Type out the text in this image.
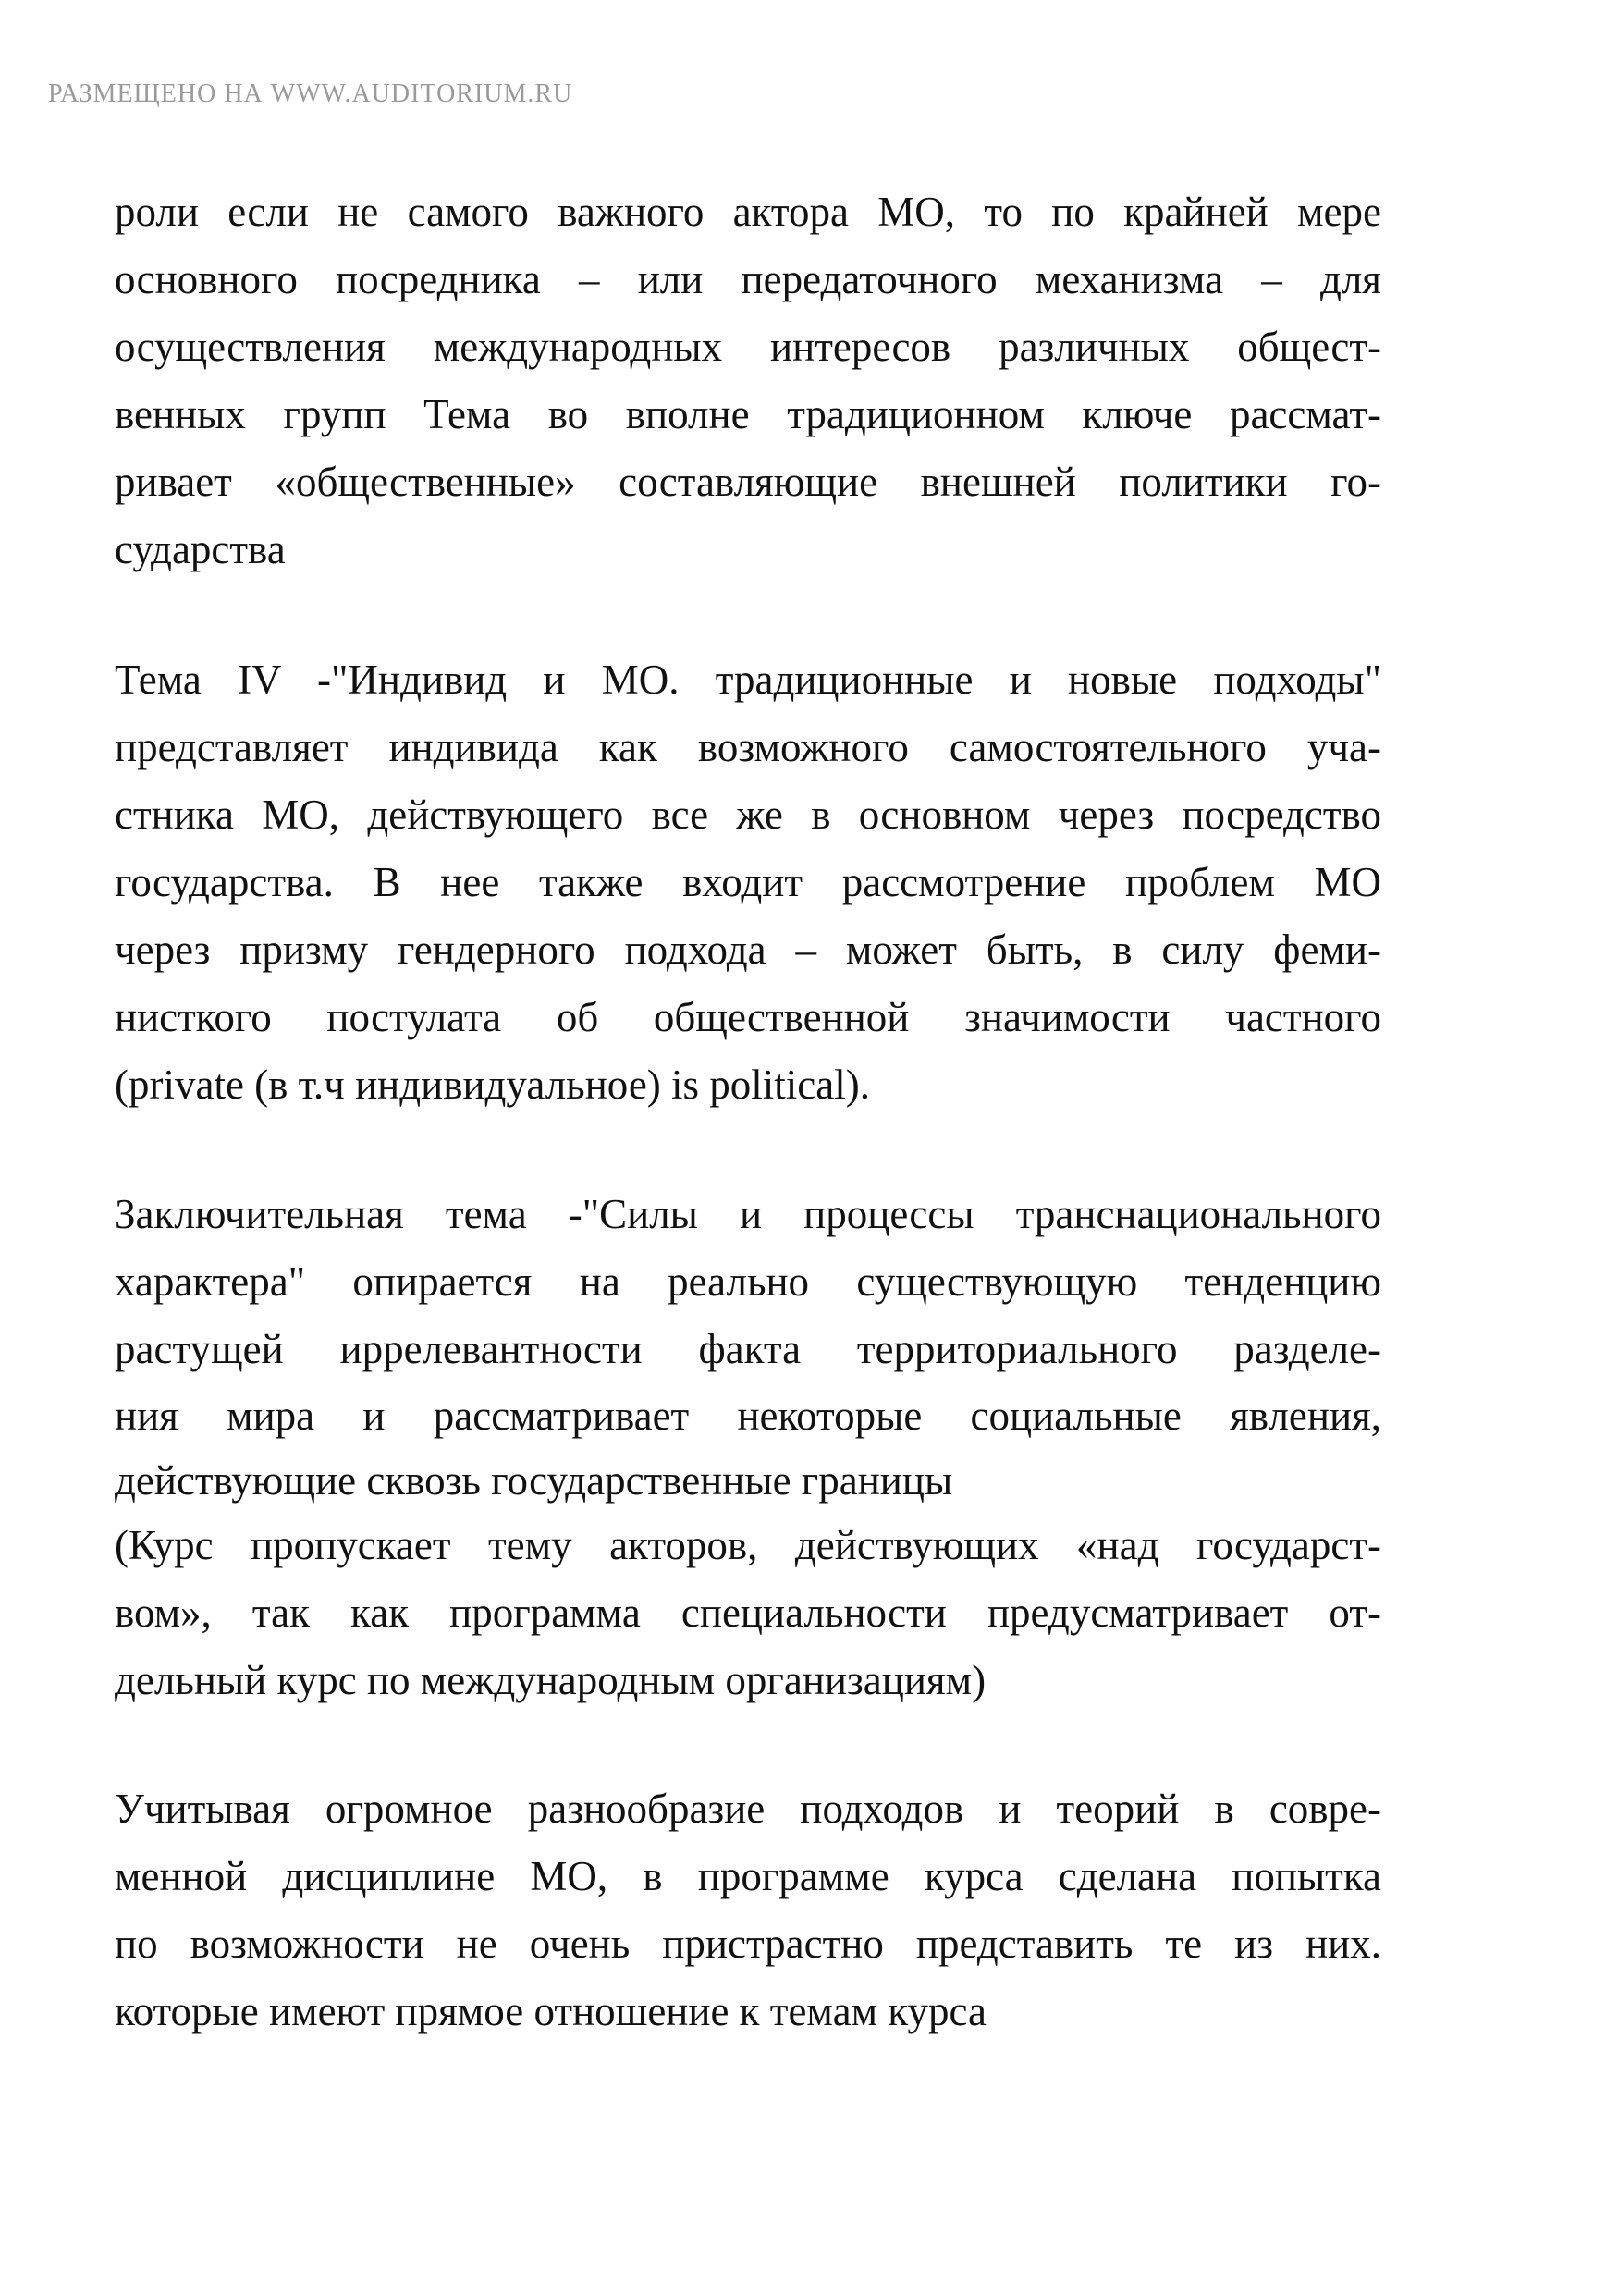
РАЗМЕЩЕНО НА WWW.AUDITORIUM.RU
роли если не самого важного актора МО, то по крайней мере
основного посредника – или передаточного механизма – для
осуществления международных интересов различных общест-
венных групп Тема во вполне традиционном ключе рассмат-
ривает «общественные» составляющие внешней политики го-
сударства
Тема IV -"Индивид и МО. традиционные и новые подходы"
представляет индивида как возможного самостоятельного уча-
стника МО, действующего все же в основном через посредство
государства. В нее также входит рассмотрение проблем МО
через призму гендерного подхода – может быть, в силу феми-
нисткого постулата об общественной значимости частного
(private (в т.ч индивидуальное) is political).
Заключительная тема -"Силы и процессы транснационального
характера" опирается на реально существующую тенденцию
растущей иррелевантности факта территориального разделе-
ния мира и рассматривает некоторые социальные явления,
действующие сквозь государственные границы
(Курс пропускает тему акторов, действующих «над государст-
вом», так как программа специальности предусматривает от-
дельный курс по международным организациям)
Учитывая огромное разнообразие подходов и теорий в совре-
менной дисциплине МО, в программе курса сделана попытка
по возможности не очень пристрастно представить те из них.
которые имеют прямое отношение к темам курса
